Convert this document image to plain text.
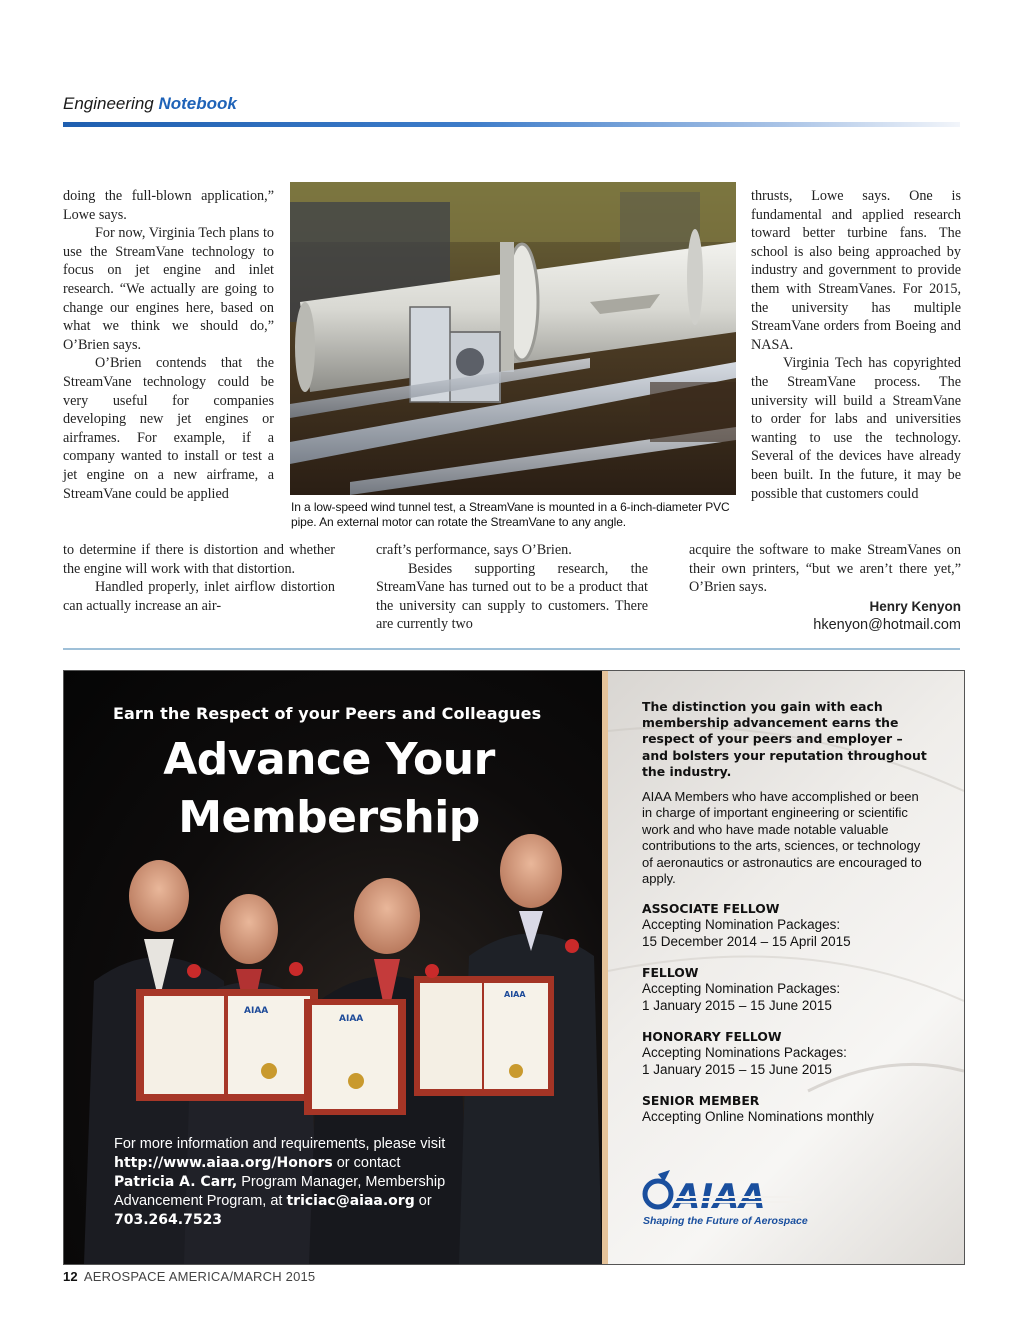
Engineering Notebook

doing the full-blown application,” Lowe says.

For now, Virginia Tech plans to use the StreamVane technology to focus on jet engine and inlet research. “We actually are going to change our engines here, based on what we think we should do,” O’Brien says.

O’Brien contends that the StreamVane technology could be very useful for companies developing new jet engines or airframes. For example, if a company wanted to install or test a jet engine on a new airframe, a StreamVane could be applied

to determine if there is distortion and whether the engine will work with that distortion.

Handled properly, inlet airflow distortion can actually increase an air-

craft’s performance, says O’Brien.

Besides supporting research, the StreamVane has turned out to be a product that the university can supply to customers. There are currently two

thrusts, Lowe says. One is fundamental and applied research toward better turbine fans. The school is also being approached by industry and government to provide them with StreamVanes. For 2015, the university has multiple StreamVane orders from Boeing and NASA.

Virginia Tech has copyrighted the StreamVane process. The university will build a StreamVane to order for labs and universities wanting to use the technology. Several of the devices have already been built. In the future, it may be possible that customers could

acquire the software to make StreamVanes on their own printers, “but we aren’t there yet,” O’Brien says.

Henry Kenyon
hkenyon@hotmail.com
In a low-speed wind tunnel test, a StreamVane is mounted in a 6-inch-diameter PVC pipe. An external motor can rotate the StreamVane to any angle.
AIAA
AIAA
AIAA
Earn the Respect of your Peers and Colleagues
Advance Your
Membership
For more information and requirements, please visit http://www.aiaa.org/Honors or contact Patricia A. Carr, Program Manager, Membership Advancement Program, at triciac@aiaa.org or 703.264.7523
The distinction you gain with each membership advancement earns the respect of your peers and employer – and bolsters your reputation throughout the industry.
AIAA Members who have accomplished or been in charge of important engineering or scientific work and who have made notable valuable contributions to the arts, sciences, or technology of aeronautics or astronautics are encouraged to apply.
ASSOCIATE FELLOW
Accepting Nomination Packages:
15 December 2014 – 15 April 2015
FELLOW
Accepting Nomination Packages:
1 January 2015 – 15 June 2015
HONORARY FELLOW
Accepting Nominations Packages:
1 January 2015 – 15 June 2015
SENIOR MEMBER
Accepting Online Nominations monthly
Shaping the Future of Aerospace
12 AEROSPACE AMERICA/MARCH 2015
